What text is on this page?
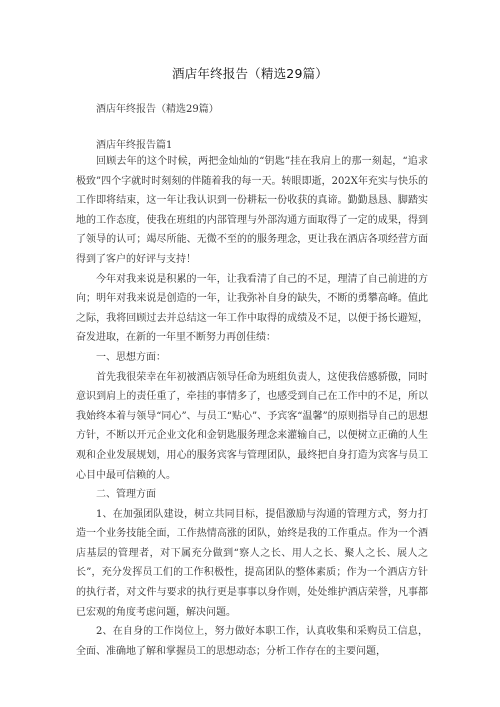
酒店年终报告（精选29篇）
酒店年终报告（精选29篇）
酒店年终报告篇1

回顾去年的这个时候，两把金灿灿的“钥匙”挂在我肩上的那一刻起，“追求极致”四个字就时时刻刻的伴随着我的每一天。转眼即逝，202X年充实与快乐的工作即将结束，这一年让我认识到一份耕耘一份收获的真谛。勤勤恳恳、脚踏实地的工作态度，使我在班组的内部管理与外部沟通方面取得了一定的成果，得到了领导的认可；竭尽所能、无微不至的的服务理念，更让我在酒店各项经营方面得到了客户的好评与支持！

今年对我来说是积累的一年，让我看清了自己的不足，理清了自己前进的方向；明年对我来说是创造的一年，让我弥补自身的缺失，不断的勇攀高峰。值此之际，我将回顾过去并总结这一年工作中取得的成绩及不足，以便于扬长避短，奋发进取，在新的一年里不断努力再创佳绩：

一、思想方面：

首先我很荣幸在年初被酒店领导任命为班组负责人，这使我倍感骄傲，同时意识到肩上的责任重了，牵挂的事情多了，也感受到自己在工作中的不足，所以我始终本着与领导“同心”、与员工“贴心”、予宾客“温馨”的原则指导自己的思想方针，不断以开元企业文化和金钥匙服务理念来灌输自己，以便树立正确的人生观和企业发展规划，用心的服务宾客与管理团队，最终把自身打造为宾客与员工心目中最可信赖的人。

二、管理方面

1、在加强团队建设，树立共同目标，提倡激励与沟通的管理方式，努力打造一个业务技能全面，工作热情高涨的团队，始终是我的工作重点。作为一个酒店基层的管理者，对下属充分做到“察人之长、用人之长、聚人之长、展人之长”，充分发挥员工们的工作积极性，提高团队的整体素质；作为一个酒店方针的执行者，对文件与要求的执行更是事事以身作则，处处维护酒店荣誉，凡事都已宏观的角度考虑问题，解决问题。

2、在自身的工作岗位上，努力做好本职工作，认真收集和采购员工信息，全面、准确地了解和掌握员工的思想动态；分析工作存在的主要问题，
